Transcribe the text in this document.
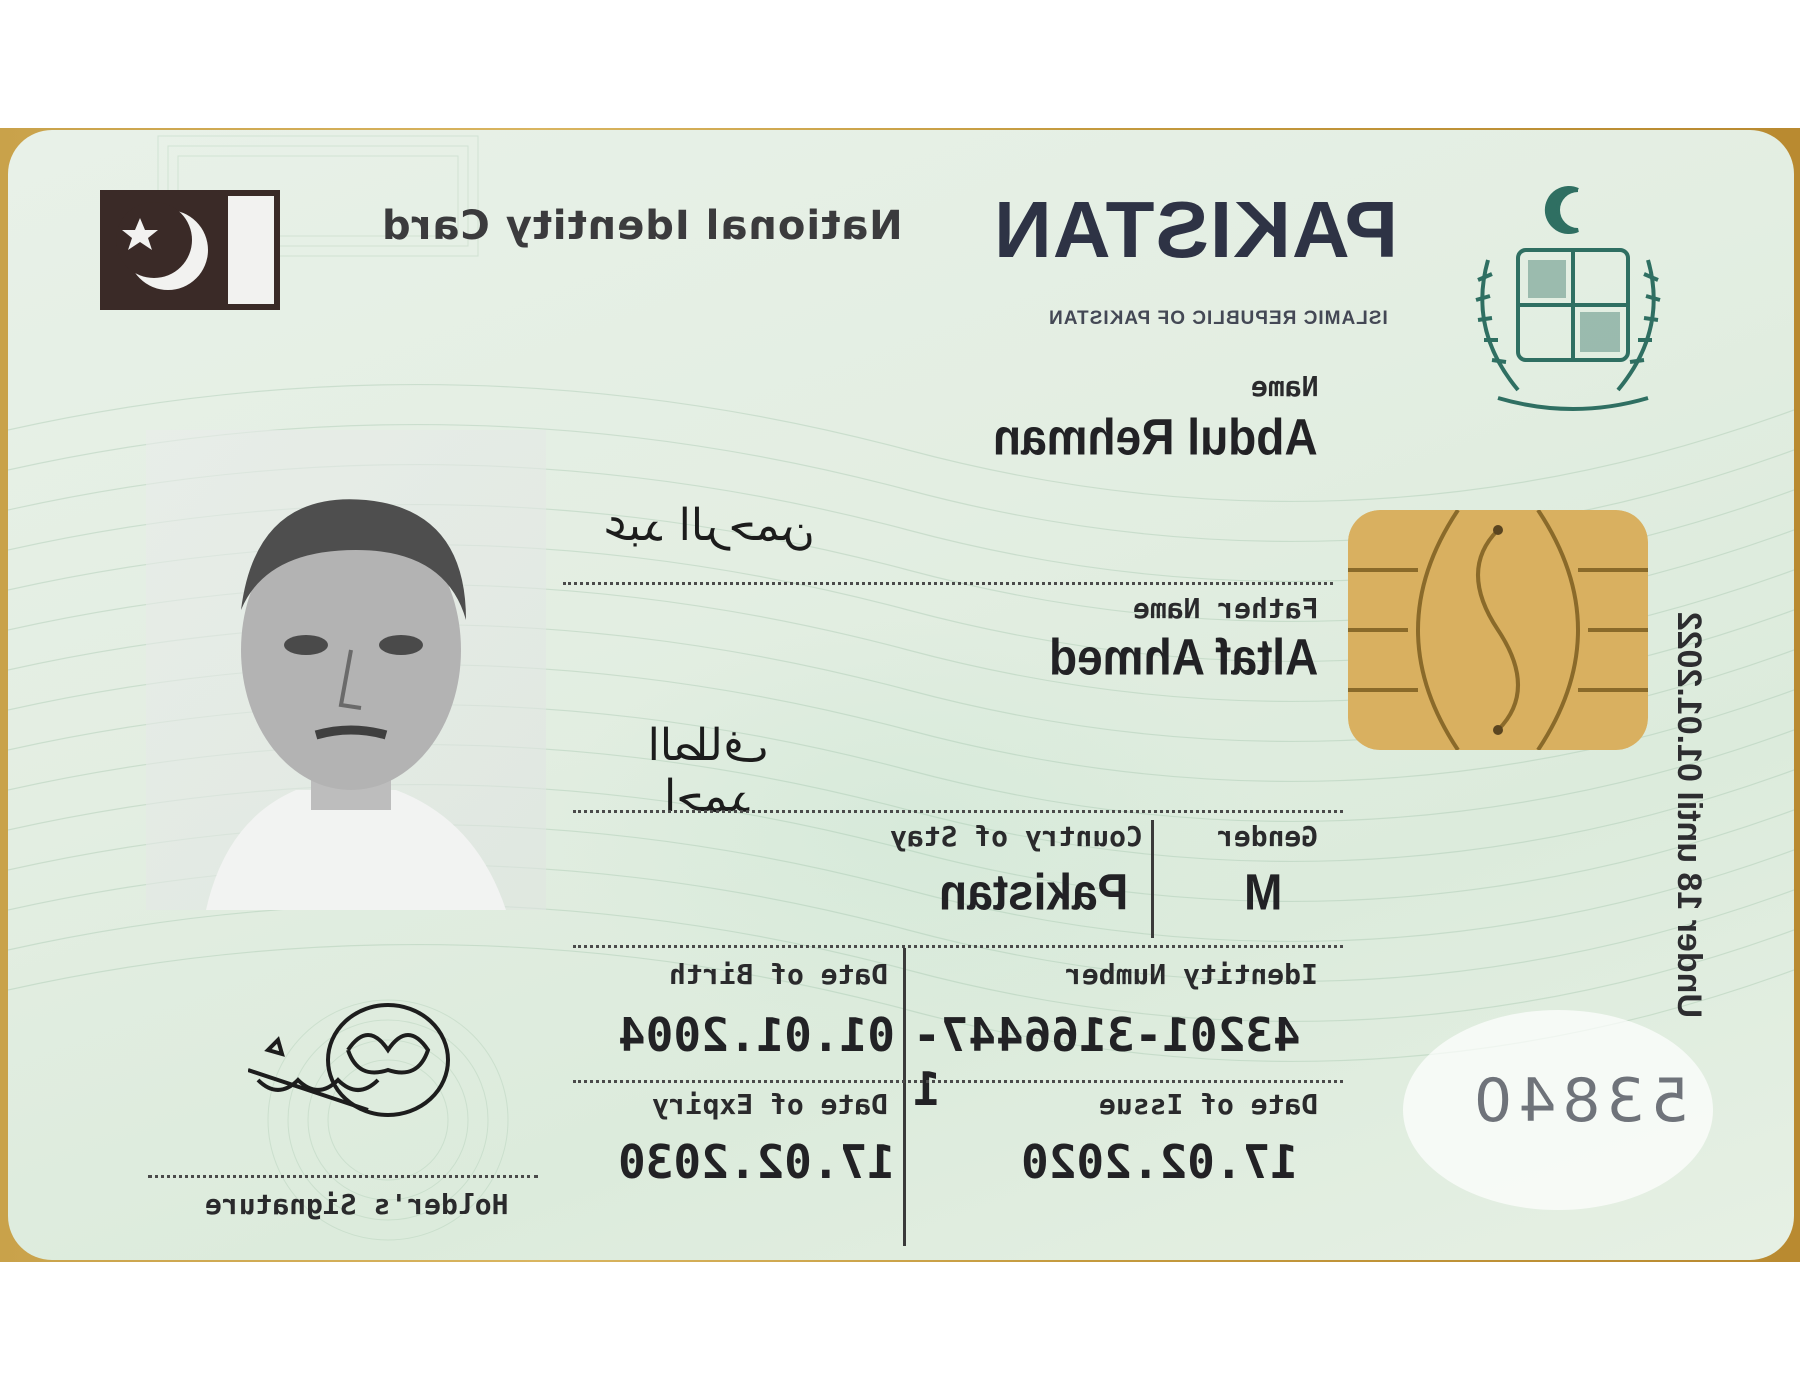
National Identity Card	PAKISTAN
ISLAMIC REPUBLIC OF PAKISTAN
Name
Abdul Rehman
عبد الرحمن
Father Name
Altaf Ahmed
الطاف احمد
Gender
M
Country of Stay
Pakistan
Identity Number
43201-3166447-1
Date of Birth
01.01.2004
Date of Issue
17.02.2020
Date of Expiry
17.02.2030
Holder's Signature
Under 18 until 01.01.2022
53840
